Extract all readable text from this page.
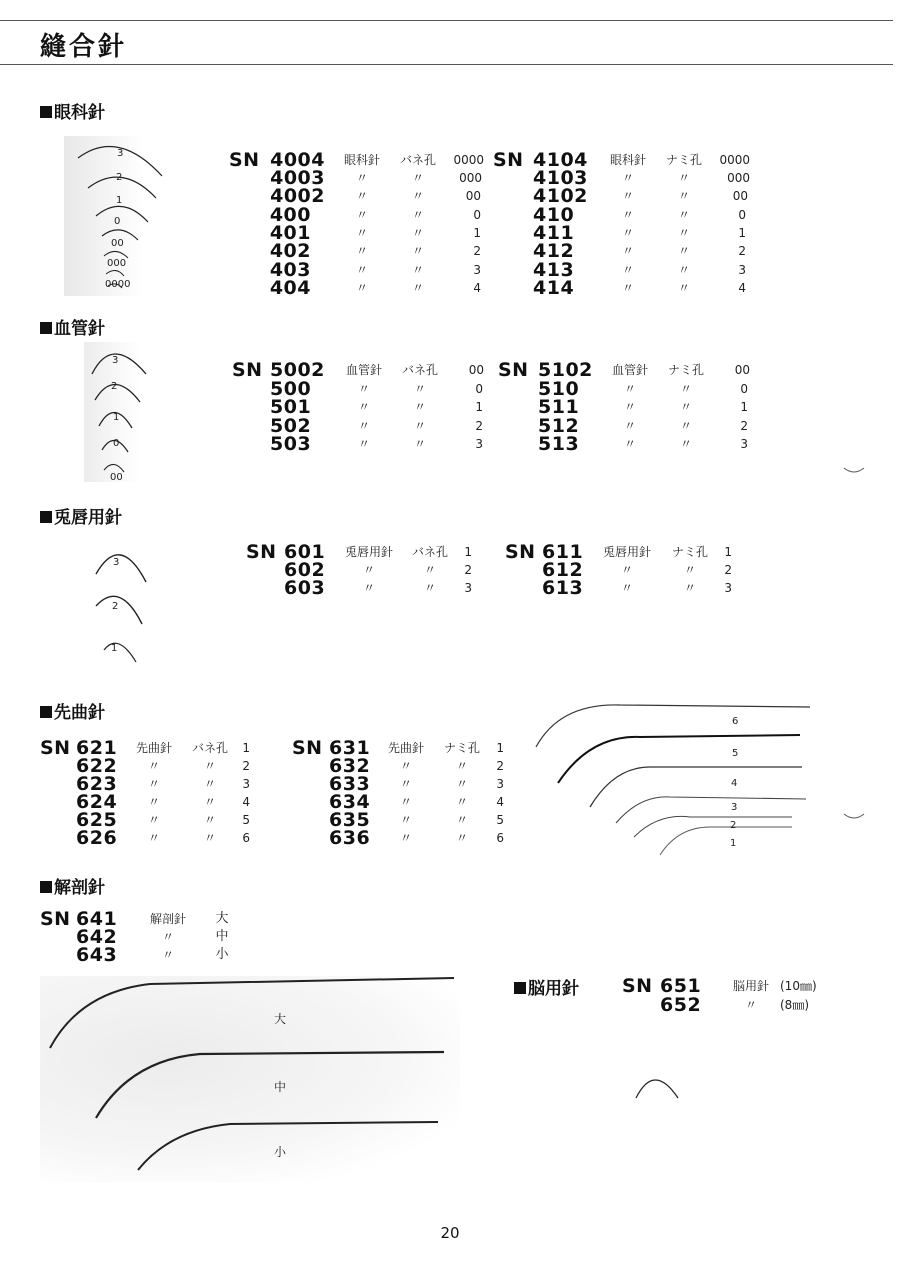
縫合針
眼科針
3
2
1
0
00
000
0000
SN 4004
4003
4002
400
401
402
403
404
眼科針
〃
〃
〃
〃
〃
〃
〃
バネ孔
〃
〃
〃
〃
〃
〃
〃
0000
000
00
0
1
2
3
4
SN 4104
4103
4102
410
411
412
413
414
眼科針
〃
〃
〃
〃
〃
〃
〃
ナミ孔
〃
〃
〃
〃
〃
〃
〃
0000
000
00
0
1
2
3
4
血管針
3
2
1
0
00
SN 5002
500
501
502
503
血管針
〃
〃
〃
〃
バネ孔
〃
〃
〃
〃
00
0
1
2
3
SN 5102
510
511
512
513
血管針
〃
〃
〃
〃
ナミ孔
〃
〃
〃
〃
00
0
1
2
3
兎唇用針
3
2
1
SN 601
602
603
兎唇用針
〃
〃
バネ孔
〃
〃
1
2
3
SN 611
612
613
兎唇用針
〃
〃
ナミ孔
〃
〃
1
2
3
先曲針
SN 621
622
623
624
625
626
先曲針
〃
〃
〃
〃
〃
バネ孔
〃
〃
〃
〃
〃
1
2
3
4
5
6
SN 631
632
633
634
635
636
先曲針
〃
〃
〃
〃
〃
ナミ孔
〃
〃
〃
〃
〃
1
2
3
4
5
6
6
5
4
3
2
1
解剖針
SN 641
642
643
解剖針
〃
〃
大
中
小
大
中
小
脳用針 SN 651
652
脳用針
〃
(10㎜)
(8㎜)
20
